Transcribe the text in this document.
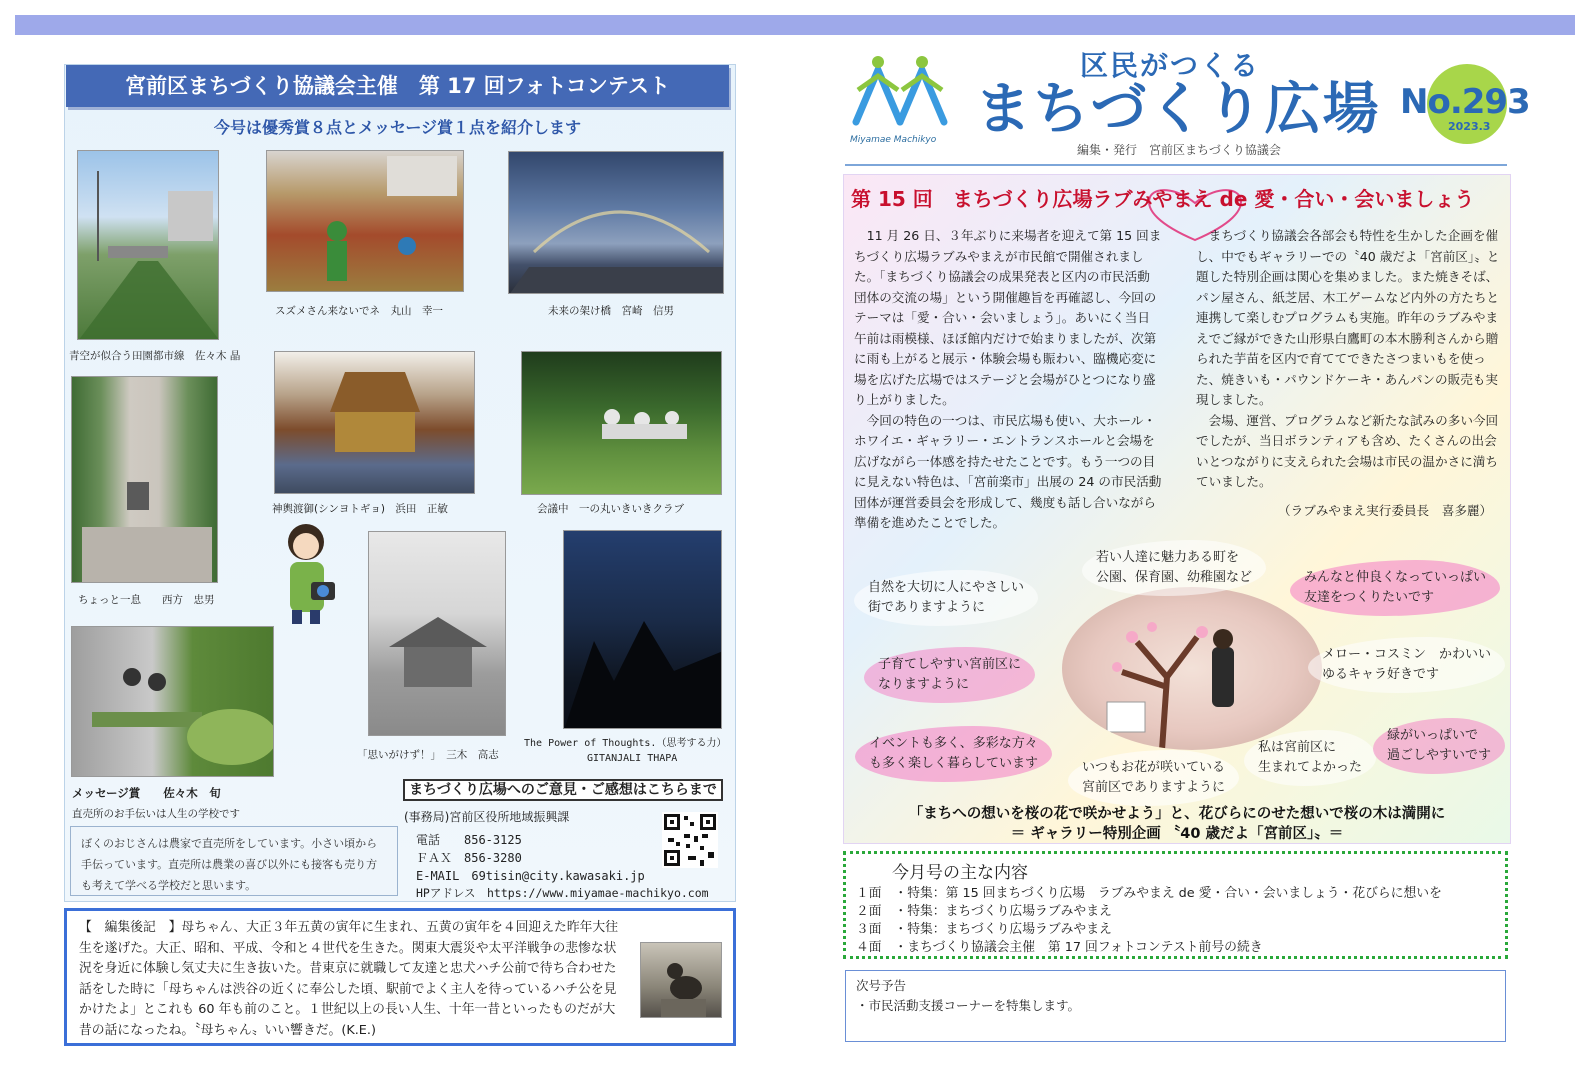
宮前区まちづくり協議会主催　第 17 回フォトコンテスト
今号は優秀賞８点とメッセージ賞１点を紹介します
青空が似合う田園都市線　佐々木 晶
スズメさん来ないでネ　丸山　幸一	未来の架け橋　宮崎　信男
ちょっと一息　　西方　忠男
神輿渡御(シンヨトギョ)　浜田　正敏	会議中　一の丸いきいきクラブ
「思いがけず！」　三木　高志
The Power of Thoughts.（思考する力）
GITANJALI THAPA
メッセージ賞　　佐々木　旬
直売所のお手伝いは人生の学校です
ぼくのおじさんは農家で直売所をしています。小さい頃から手伝っています。直売所は農業の喜び以外にも接客も売り方も考えて学べる学校だと思います。
まちづくり広場へのご意見・ご感想はこちらまで
(事務局)宮前区役所地域振興課
電話　　856-3125
ＦＡＸ　856-3280
E-MAIL　69tisin@city.kawasaki.jp
HPアドレス　https://www.miyamae-machikyo.com
【　編集後記　】母ちゃん、大正３年五黄の寅年に生まれ、五黄の寅年を４回迎えた昨年大往生を遂げた。大正、昭和、平成、令和と４世代を生きた。関東大震災や太平洋戦争の悲惨な状況を身近に体験し気丈夫に生き抜いた。昔東京に就職して友達と忠犬ハチ公前で待ち合わせた話をした時に「母ちゃんは渋谷の近くに奉公した頃、駅前でよく主人を待っているハチ公を見かけたよ」とこれも 60 年も前のこと。１世紀以上の長い人生、十年一昔といったものだが大昔の話になったね。〝母ちゃん〟いい響きだ。(K.E.)
Miyamae Machikyo
区民がつくる
まちづくり広場 No.293
2023.3
編集・発行　宮前区まちづくり協議会
第 15 回　まちづくり広場ラブみやまえ de 愛・合い・会いましょう
　11 月 26 日、３年ぶりに来場者を迎えて第 15 回まちづくり広場ラブみやまえが市民館で開催されました。「まちづくり協議会の成果発表と区内の市民活動団体の交流の場」という開催趣旨を再確認し、今回のテーマは「愛・合い・会いましょう」。あいにく当日午前は雨模様、ほぼ館内だけで始まりましたが、次第に雨も上がると展示・体験会場も賑わい、臨機応変に場を広げた広場ではステージと会場がひとつになり盛り上がりました。
　今回の特色の一つは、市民広場も使い、大ホール・ホワイエ・ギャラリー・エントランスホールと会場を広げながら一体感を持たせたことです。もう一つの目に見えない特色は、「宮前楽市」出展の 24 の市民活動団体が運営委員会を形成して、幾度も話し合いながら準備を進めたことでした。
　まちづくり協議会各部会も特性を生かした企画を催し、中でもギャラリーでの〝40 歳だよ「宮前区」〟と題した特別企画は関心を集めました。また焼きそば、パン屋さん、紙芝居、木工ゲームなど内外の方たちと連携して楽しむプログラムも実施。昨年のラブみやまえでご縁ができた山形県白鷹町の本木勝利さんから贈られた芋苗を区内で育ててできたさつまいもを使った、焼きいも・パウンドケーキ・あんパンの販売も実現しました。
　会場、運営、プログラムなど新たな試みの多い今回でしたが、当日ボランティアも含め、たくさんの出会いとつながりに支えられた会場は市民の温かさに満ちていました。
（ラブみやまえ実行委員長　喜多麗）
若い人達に魅力ある町を
公園、保育園、幼稚園など
自然を大切に人にやさしい
街でありますように
みんなと仲良くなっていっぱい
友達をつくりたいです
子育てしやすい宮前区に
なりますように
メロー・コスミン　かわいい
ゆるキャラ好きです
イベントも多く、多彩な方々
も多く楽しく暮らしています	いつもお花が咲いている
宮前区でありますように
私は宮前区に
生まれてよかった
緑がいっぱいで
過ごしやすいです
「まちへの想いを桜の花で咲かせよう」と、花びらにのせた想いで桜の木は満開に
＝ ギャラリー特別企画 〝40 歳だよ「宮前区」〟＝
今月号の主な内容
１面　・特集：第 15 回まちづくり広場　ラブみやまえ de 愛・合い・会いましょう・花びらに想いを
２面　・特集：まちづくり広場ラブみやまえ
３面　・特集：まちづくり広場ラブみやまえ
４面　・まちづくり協議会主催　第 17 回フォトコンテスト前号の続き
次号予告
・市民活動支援コーナーを特集します。
